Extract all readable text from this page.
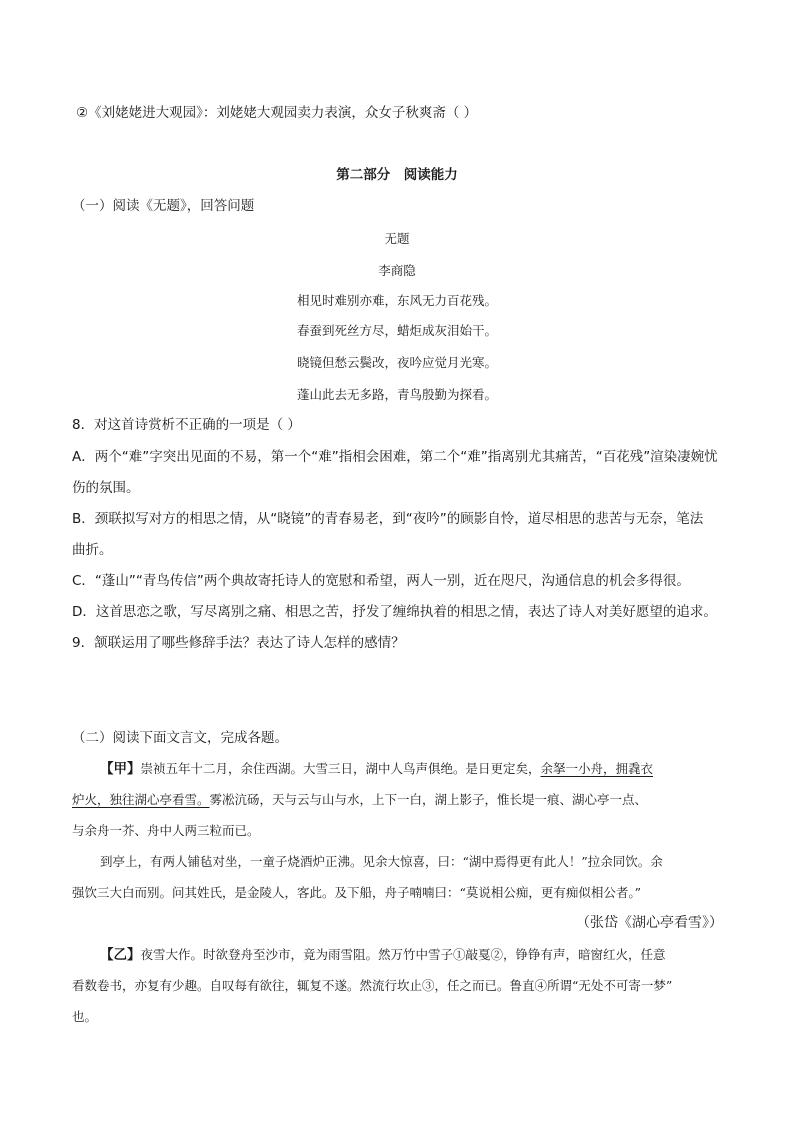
②《刘姥姥进大观园》：刘姥姥大观园卖力表演，众女子秋爽斋（ ）
第二部分　阅读能力
（一）阅读《无题》，回答问题
无题
李商隐
相见时难别亦难，东风无力百花残。
春蚕到死丝方尽，蜡炬成灰泪始干。
晓镜但愁云鬓改，夜吟应觉月光寒。
蓬山此去无多路，青鸟殷勤为探看。
8．对这首诗赏析不正确的一项是（ ）
A．两个“难”字突出见面的不易，第一个“难”指相会困难，第二个“难”指离别尤其痛苦，“百花残”渲染凄婉忧
伤的氛围。
B．颈联拟写对方的相思之情，从“晓镜”的青春易老，到“夜吟”的顾影自怜，道尽相思的悲苦与无奈，笔法
曲折。
C．“蓬山”“青鸟传信”两个典故寄托诗人的宽慰和希望，两人一别，近在咫尺，沟通信息的机会多得很。
D．这首思恋之歌，写尽离别之痛、相思之苦，抒发了缠绵执着的相思之情，表达了诗人对美好愿望的追求。
9．颔联运用了哪些修辞手法？表达了诗人怎样的感情？
（二）阅读下面文言文，完成各题。
【甲】崇祯五年十二月，余住西湖。大雪三日，湖中人鸟声俱绝。是日更定矣，余拏一小舟，拥毳衣
炉火，独往湖心亭看雪。雾凇沆砀，天与云与山与水，上下一白，湖上影子，惟长堤一痕、湖心亭一点、
与余舟一芥、舟中人两三粒而已。
到亭上，有两人铺毡对坐，一童子烧酒炉正沸。见余大惊喜，曰：“湖中焉得更有此人！”拉余同饮。余
强饮三大白而别。问其姓氏，是金陵人，客此。及下船，舟子喃喃曰：“莫说相公痴，更有痴似相公者。”
（张岱《湖心亭看雪》）
【乙】夜雪大作。时欲登舟至沙市，竟为雨雪阻。然万竹中雪子①敲戛②，铮铮有声，暗窗红火，任意
看数卷书，亦复有少趣。自叹每有欲往，辄复不遂。然流行坎止③，任之而已。鲁直④所谓“无处不可寄一梦”
也。
